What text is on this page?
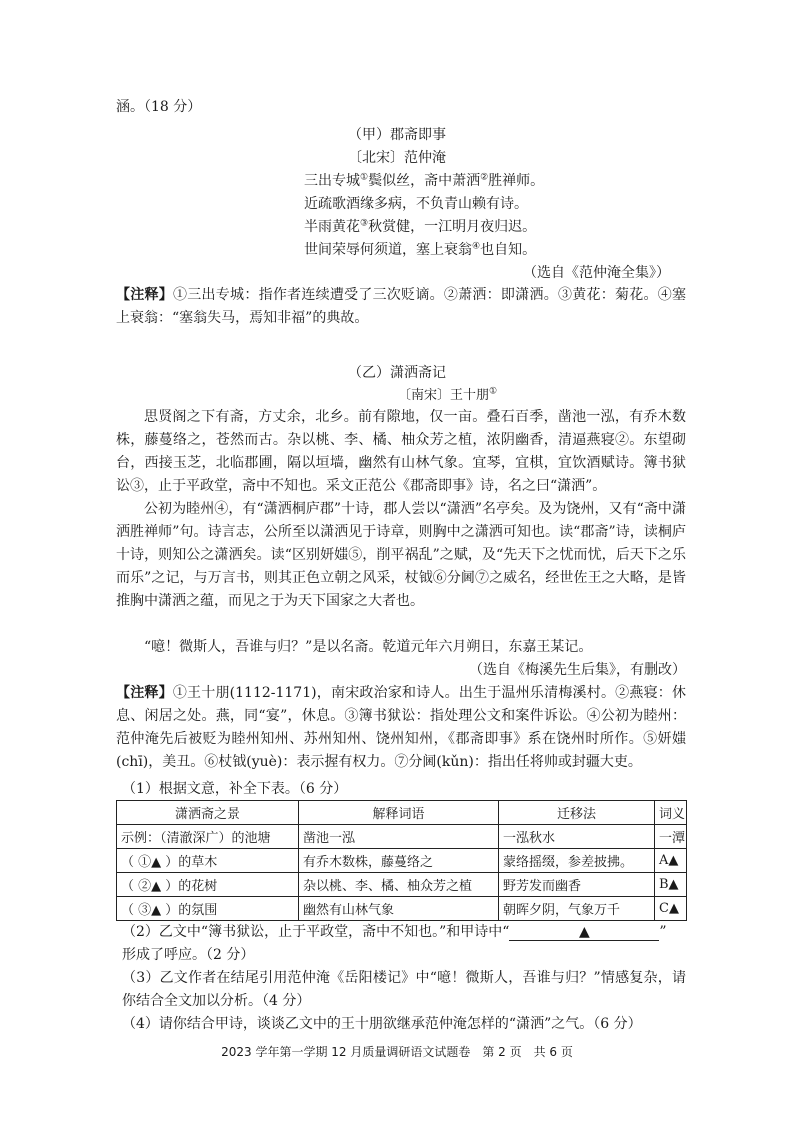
涵。（18 分）
（甲）郡斋即事
〔北宋〕范仲淹
三出专城①鬓似丝，斋中萧洒②胜禅师。
近疏歌酒缘多病，不负青山赖有诗。
半雨黄花③秋赏健，一江明月夜归迟。
世间荣辱何须道，塞上衰翁④也自知。
（选自《范仲淹全集》）
【注释】①三出专城：指作者连续遭受了三次贬谪。②萧洒：即潇洒。③黄花：菊花。④塞上衰翁：“塞翁失马，焉知非福”的典故。
（乙）潇洒斋记
〔南宋〕王十朋①
思贤阁之下有斋，方丈余，北乡。前有隙地，仅一亩。叠石百季，凿池一泓，有乔木数株，藤蔓络之，苍然而古。杂以桃、李、橘、柚众芳之植，浓阴幽香，清逼燕寝②。东望砌台，西接玉芝，北临郡圃，隔以垣墙，幽然有山林气象。宜琴，宜棋，宜饮酒赋诗。簿书狱讼③，止于平政堂，斋中不知也。采文正范公《郡斋即事》诗，名之曰“潇洒”。
公初为睦州④，有“潇洒桐庐郡”十诗，郡人尝以“潇洒”名亭矣。及为饶州，又有“斋中潇洒胜禅师”句。诗言志，公所至以潇洒见于诗章，则胸中之潇洒可知也。读“郡斋”诗，读桐庐十诗，则知公之潇洒矣。读“区别妍媸⑤，削平祸乱”之赋，及“先天下之忧而忧，后天下之乐而乐”之记，与万言书，则其正色立朝之风采，杖钺⑥分阃⑦之威名，经世佐王之大略，是皆推胸中潇洒之蕴，而见之于为天下国家之大者也。
“噫！微斯人，吾谁与归？”是以名斋。乾道元年六月朔日，东嘉王某记。
（选自《梅溪先生后集》，有删改）
【注释】①王十朋(1112-1171)，南宋政治家和诗人。出生于温州乐清梅溪村。②燕寝：休息、闲居之处。燕，同“宴”，休息。③簿书狱讼：指处理公文和案件诉讼。④公初为睦州：范仲淹先后被贬为睦州知州、苏州知州、饶州知州，《郡斋即事》系在饶州时所作。⑤妍媸(chī)，美丑。⑥杖钺(yuè)：表示握有权力。⑦分阃(kǔn)：指出任将帅或封疆大吏。
（1）根据文意，补全下表。（6 分）
潇洒斋之景	解释词语	迁移法	词义
示例：（清澈深广）的池塘	凿池一泓	一泓秋水	一潭
（ ①▲ ）的草木	有乔木数株，藤蔓络之	蒙络摇缀，参差披拂。	A▲
（ ②▲ ）的花树	杂以桃、李、橘、柚众芳之植	野芳发而幽香	B▲
（ ③▲ ）的氛围	幽然有山林气象	朝晖夕阴，气象万千	C▲
（2）乙文中“簿书狱讼，止于平政堂，斋中不知也。”和甲诗中“	▲	”
形成了呼应。（2 分）
（3）乙文作者在结尾引用范仲淹《岳阳楼记》中“噫！微斯人，吾谁与归？”情感复杂，请你结合全文加以分析。（4 分）
（4）请你结合甲诗，谈谈乙文中的王十朋欲继承范仲淹怎样的“潇洒”之气。（6 分）
2023 学年第一学期 12 月质量调研语文试题卷　第 2 页　共 6 页
